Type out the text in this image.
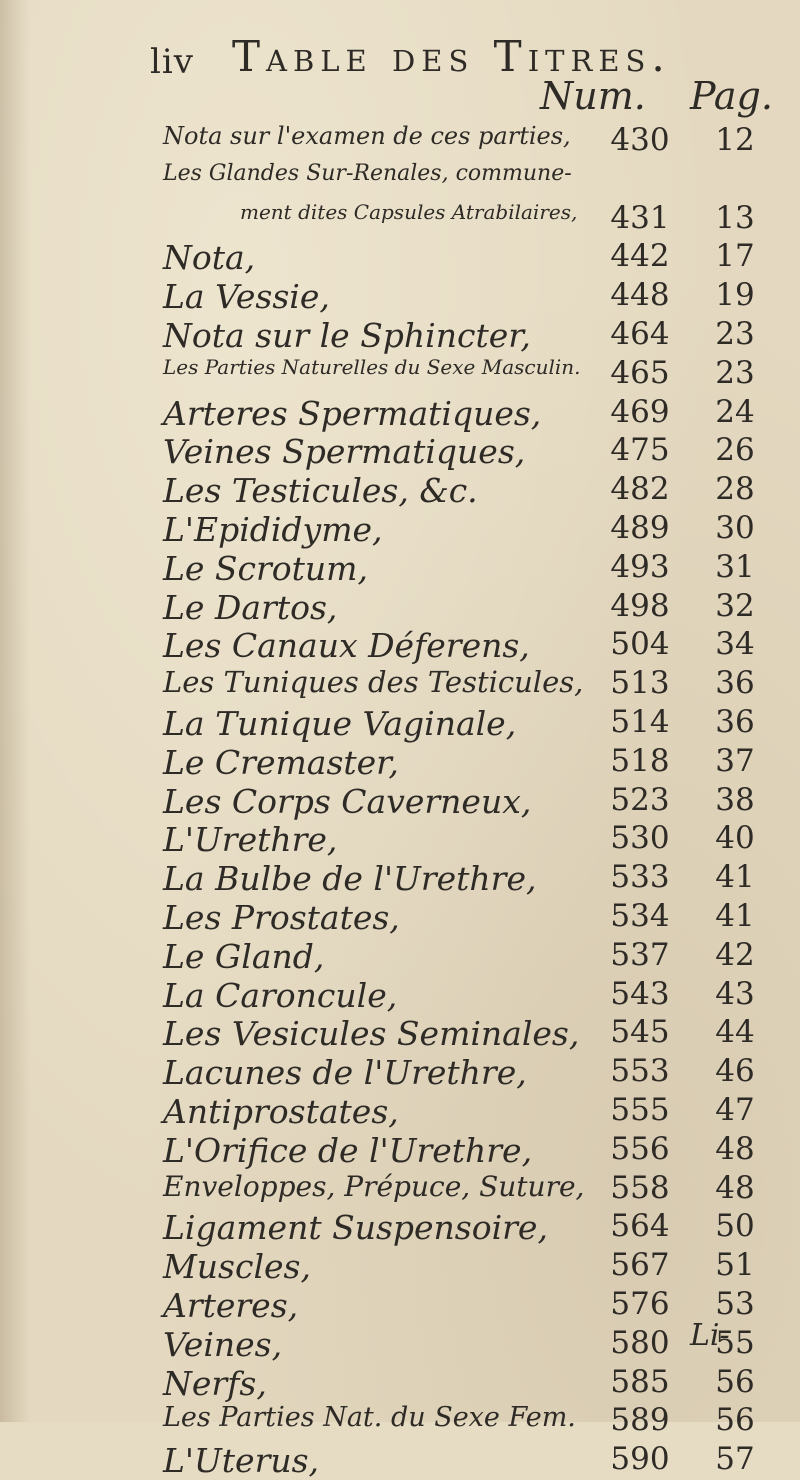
liv Table des Titres.
Num. Pag.
Nota sur l'examen de ces parties,	430	12
Les Glandes Sur-Renales, commune-
ment dites Capsules Atrabilaires,	431	13
Nota,	442	17
La Vessie,	448	19
Nota sur le Sphincter,	464	23
Les Parties Naturelles du Sexe Masculin. 465	23
Arteres Spermatiques,	469	24
Veines Spermatiques,	475	26
Les Testicules, &c.	482	28
L'Epididyme,	489	30
Le Scrotum,	493	31
Le Dartos,	498	32
Les Canaux Déferens,	504	34
Les Tuniques des Testicules, 513	36
La Tunique Vaginale,	514	36
Le Cremaster,	518	37
Les Corps Caverneux,	523	38
L'Urethre,	530	40
La Bulbe de l'Urethre,	533	41
Les Prostates,	534	41
Le Gland,	537	42
La Caroncule,	543	43
Les Vesicules Seminales,	545	44
Lacunes de l'Urethre,	553	46
Antiprostates,	555	47
L'Orifice de l'Urethre,	556	48
Enveloppes, Prépuce, Suture, 558	48
Ligament Suspensoire,	564	50
Muscles,	567	51
Arteres,	576	53
Veines,	580	55
Nerfs,	585	56
Les Parties Nat. du Sexe Fem.	589	56
L'Uterus,	590	57
Li-
